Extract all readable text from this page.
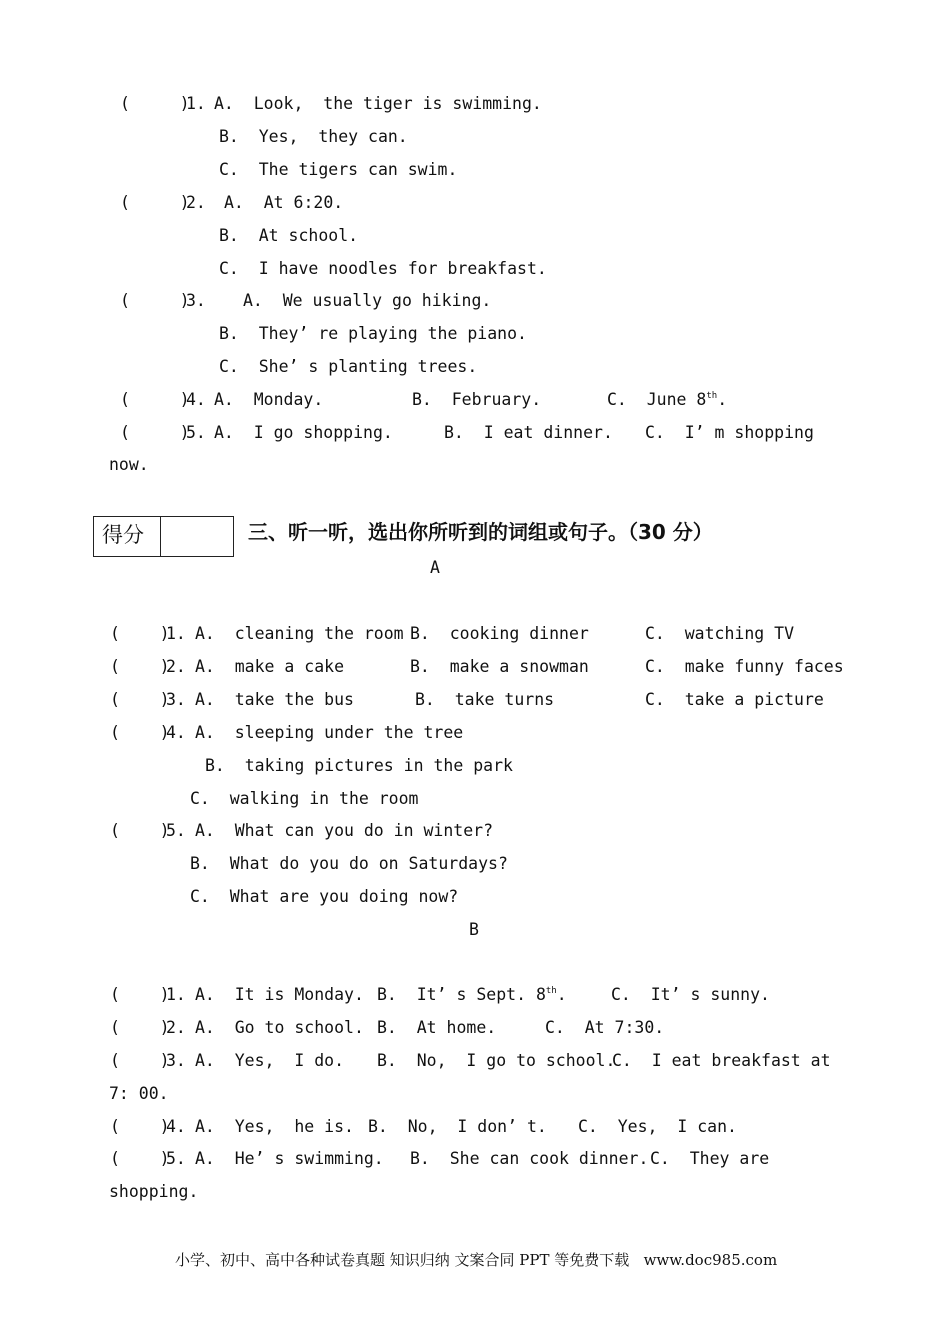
(     )
1. A.  Look,  the tiger is swimming.
B.  Yes,  they can.
C.  The tigers can swim.
(     )
2. A.  At 6:20.
B.  At school.
C.  I have noodles for breakfast.
(     )
3. A.  We usually go hiking.
B.  They’ re playing the piano.
C.  She’ s planting trees.
(     )
4. A.  Monday.	B.  February.	C.  June 8th.
(     )
5. A.  I go shopping.	B.  I eat dinner. C.  I’ m shopping
now.
得分	三、听一听，选出你所听到的词组或句子。（30 分）
A
(    )
1. A.  cleaning the room B.  cooking dinner	C.  watching TV
(    )
2. A.  make a cake	B.  make a snowman	C.  make funny faces
(    )
3. A.  take the bus	B.  take turns	C.  take a picture
(    )
4. A.  sleeping under the tree
B.  taking pictures in the park
C.  walking in the room
(    )
5. A.  What can you do in winter?
B.  What do you do on Saturdays?
C.  What are you doing now?
B
(    )
1. A.  It is Monday. B.  It’ s Sept. 8th.	C.  It’ s sunny.
(    )
2. A.  Go to school. B.  At home.	C.  At 7:30.
(    )
3. A.  Yes,  I do. B.  No,  I go to school.
C.  I eat breakfast at
7: 00.
(    )
4. A.  Yes,  he is. B.  No,  I don’ t. C.  Yes,  I can.
(    )
5. A.  He’ s swimming. B.  She can cook dinner. C.  They are
shopping.
小学、初中、高中各种试卷真题 知识归纳 文案合同 PPT 等免费下载   www.doc985.com
